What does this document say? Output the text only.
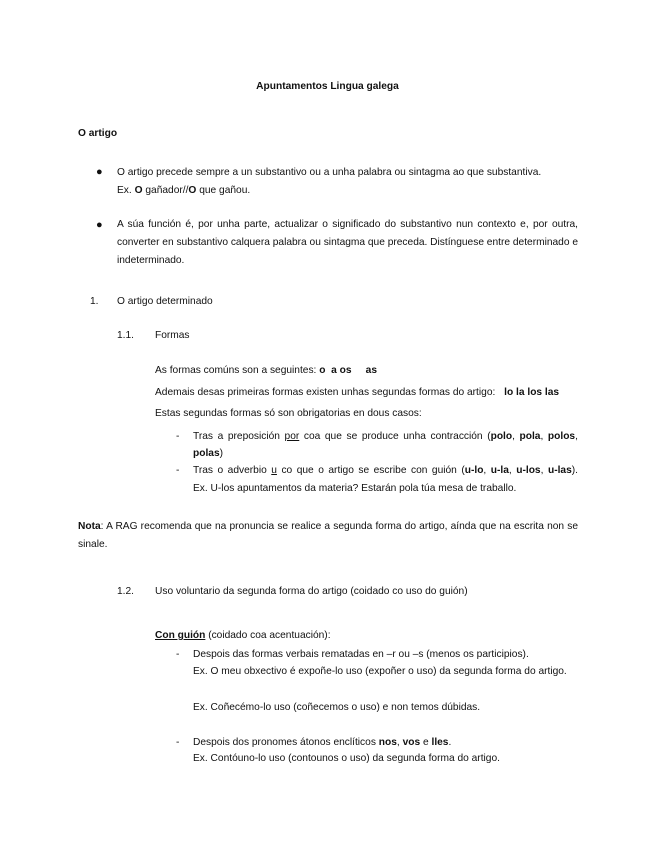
Apuntamentos Lingua galega
O artigo
● O artigo precede sempre a un substantivo ou a unha palabra ou sintagma ao que substantiva.
Ex. O gañador//O que gañou.
● A súa función é, por unha parte, actualizar o significado do substantivo nun contexto e, por outra, converter en substantivo calquera palabra ou sintagma que preceda. Distínguese entre determinado e indeterminado.
1. O artigo determinado
1.1. Formas
As formas comúns son a seguintes: o  a os     as
Ademais desas primeiras formas existen unhas segundas formas do artigo: lo la los las
Estas segundas formas só son obrigatorias en dous casos:
- Tras a preposición por coa que se produce unha contracción (polo, pola, polos,
polas)
- Tras o adverbio u co que o artigo se escribe con guión (u-lo, u-la, u-los, u-las).
Ex. U-los apuntamentos da materia? Estarán pola túa mesa de traballo.
Nota: A RAG recomenda que na pronuncia se realice a segunda forma do artigo, aínda que na escrita non se sinale.
1.2. Uso voluntario da segunda forma do artigo (coidado co uso do guión)
Con guión (coidado coa acentuación):
- Despois das formas verbais rematadas en –r ou –s (menos os participios).
Ex. O meu obxectivo é expoñe-lo uso (expoñer o uso) da segunda forma do artigo.
Ex. Coñecémo-lo uso (coñecemos o uso) e non temos dúbidas.
- Despois dos pronomes átonos enclíticos nos, vos e lles.
Ex. Contóuno-lo uso (contounos o uso) da segunda forma do artigo.
